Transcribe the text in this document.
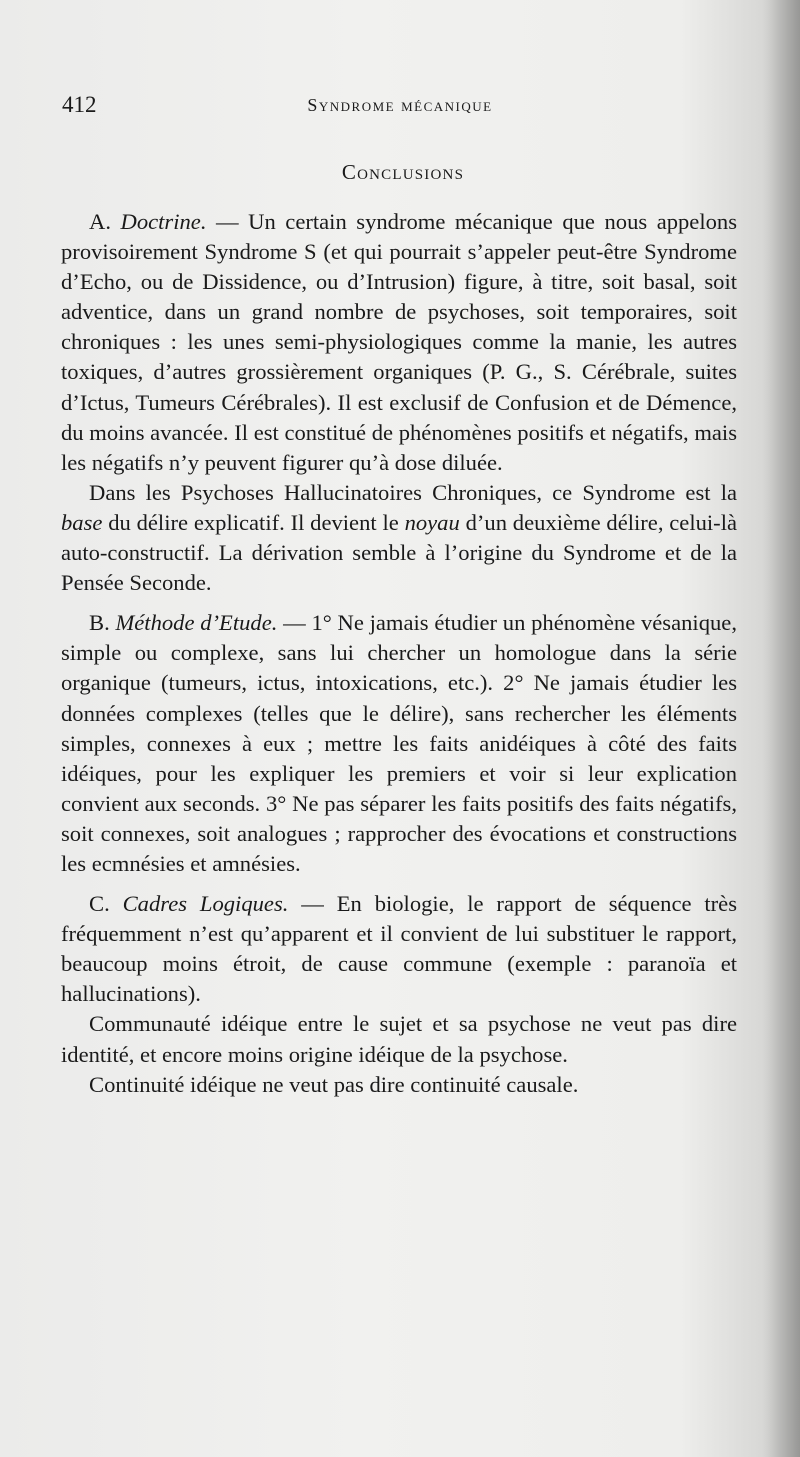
412	Syndrome mécanique
Conclusions

A. Doctrine. — Un certain syndrome mécanique que nous appelons provisoirement Syndrome S (et qui pourrait s’appeler peut-être Syndrome d’Echo, ou de Dissidence, ou d’Intrusion) figure, à titre, soit basal, soit adventice, dans un grand nombre de psychoses, soit temporaires, soit chroniques : les unes semi-physiologiques comme la manie, les autres toxiques, d’autres grossièrement organiques (P. G., S. Cérébrale, suites d’Ictus, Tumeurs Cérébrales). Il est exclusif de Confusion et de Démence, du moins avancée. Il est constitué de phénomènes positifs et négatifs, mais les négatifs n’y peuvent figurer qu’à dose diluée.

Dans les Psychoses Hallucinatoires Chroniques, ce Syndrome est la base du délire explicatif. Il devient le noyau d’un deuxième délire, celui-là auto-constructif. La dérivation semble à l’origine du Syndrome et de la Pensée Seconde.

B. Méthode d’Etude. — 1° Ne jamais étudier un phénomène vésanique, simple ou complexe, sans lui chercher un homologue dans la série organique (tumeurs, ictus, intoxications, etc.). 2° Ne jamais étudier les données complexes (telles que le délire), sans rechercher les éléments simples, connexes à eux ; mettre les faits anidéiques à côté des faits idéiques, pour les expliquer les premiers et voir si leur explication convient aux seconds. 3° Ne pas séparer les faits positifs des faits négatifs, soit connexes, soit analogues ; rapprocher des évocations et constructions les ecmnésies et amnésies.

C. Cadres Logiques. — En biologie, le rapport de séquence très fréquemment n’est qu’apparent et il convient de lui substituer le rapport, beaucoup moins étroit, de cause commune (exemple : paranoïa et hallucinations).

Communauté idéique entre le sujet et sa psychose ne veut pas dire identité, et encore moins origine idéique de la psychose.

Continuité idéique ne veut pas dire continuité causale.
